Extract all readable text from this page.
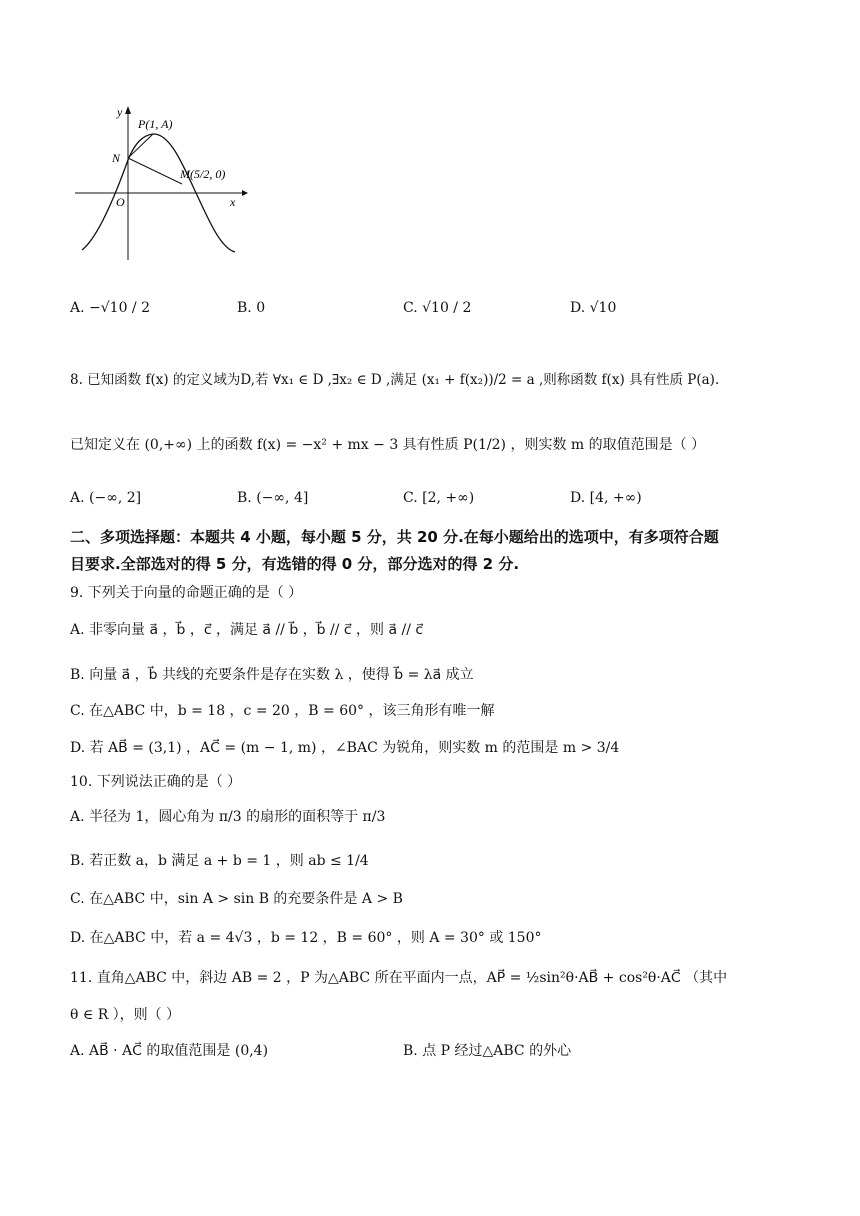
y
x
O
N
P(1, A)
M(5/2, 0)
A. −√10 / 2	B. 0	C. √10 / 2	D. √10
8. 已知函数 f(x) 的定义域为D,若 ∀x₁ ∈ D ,∃x₂ ∈ D ,满足 (x₁ + f(x₂))/2 = a ,则称函数 f(x) 具有性质 P(a).
已知定义在 (0,+∞) 上的函数 f(x) = −x² + mx − 3 具有性质 P(1/2) ，则实数 m 的取值范围是（ ）
A. (−∞, 2]	B. (−∞, 4]	C. [2, +∞)	D. [4, +∞)
二、多项选择题：本题共 4 小题，每小题 5 分，共 20 分.在每小题给出的选项中，有多项符合题
目要求.全部选对的得 5 分，有选错的得 0 分，部分选对的得 2 分.
9. 下列关于向量的命题正确的是（ ）
A. 非零向量 a⃗ ，b⃗ ，c⃗ ，满足 a⃗ // b⃗ ，b⃗ // c⃗ ，则 a⃗ // c⃗
B. 向量 a⃗ ，b⃗ 共线的充要条件是存在实数 λ ，使得 b⃗ = λa⃗ 成立
C. 在△ABC 中，b = 18 ，c = 20 ，B = 60° ，该三角形有唯一解
D. 若 AB⃗ = (3,1) ，AC⃗ = (m − 1, m) ，∠BAC 为锐角，则实数 m 的范围是 m > 3/4
10. 下列说法正确的是（ ）
A. 半径为 1，圆心角为 π/3 的扇形的面积等于 π/3
B. 若正数 a，b 满足 a + b = 1 ，则 ab ≤ 1/4
C. 在△ABC 中，sin A > sin B 的充要条件是 A > B
D. 在△ABC 中，若 a = 4√3 ，b = 12 ，B = 60° ，则 A = 30° 或 150°
11. 直角△ABC 中，斜边 AB = 2 ，P 为△ABC 所在平面内一点，AP⃗ = ½sin²θ·AB⃗ + cos²θ·AC⃗ （其中
θ ∈ R ），则（ ）
A. AB⃗ · AC⃗ 的取值范围是 (0,4)	B. 点 P 经过△ABC 的外心
